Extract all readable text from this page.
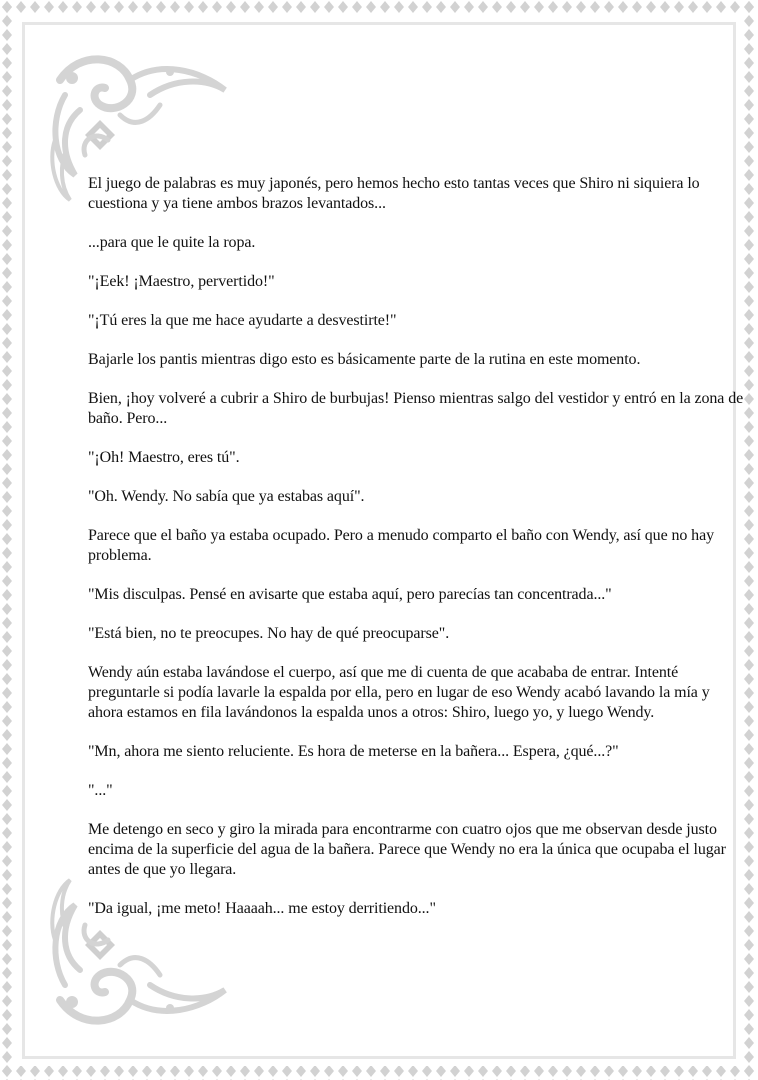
El juego de palabras es muy japonés, pero hemos hecho esto tantas veces que Shiro ni siquiera lo cuestiona y ya tiene ambos brazos levantados...

...para que le quite la ropa.

"¡Eek! ¡Maestro, pervertido!"

"¡Tú eres la que me hace ayudarte a desvestirte!"

Bajarle los pantis mientras digo esto es básicamente parte de la rutina en este momento.

Bien, ¡hoy volveré a cubrir a Shiro de burbujas! Pienso mientras salgo del vestidor y entró en la zona de baño. Pero...

"¡Oh! Maestro, eres tú".

"Oh. Wendy. No sabía que ya estabas aquí".

Parece que el baño ya estaba ocupado. Pero a menudo comparto el baño con Wendy, así que no hay problema.

"Mis disculpas. Pensé en avisarte que estaba aquí, pero parecías tan concentrada..."

"Está bien, no te preocupes. No hay de qué preocuparse".

Wendy aún estaba lavándose el cuerpo, así que me di cuenta de que acababa de entrar. Intenté preguntarle si podía lavarle la espalda por ella, pero en lugar de eso Wendy acabó lavando la mía y ahora estamos en fila lavándonos la espalda unos a otros: Shiro, luego yo, y luego Wendy.

"Mn, ahora me siento reluciente. Es hora de meterse en la bañera... Espera, ¿qué...?"

"..."

Me detengo en seco y giro la mirada para encontrarme con cuatro ojos que me observan desde justo encima de la superficie del agua de la bañera. Parece que Wendy no era la única que ocupaba el lugar antes de que yo llegara.

"Da igual, ¡me meto! Haaaah... me estoy derritiendo..."
